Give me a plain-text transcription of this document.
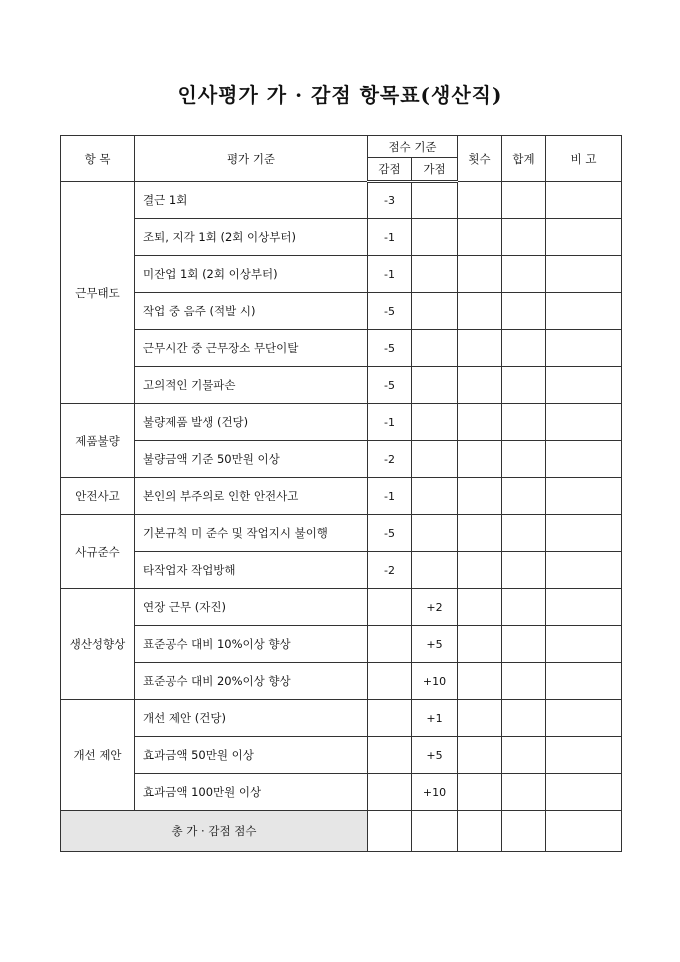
인사평가 가 · 감점 항목표(생산직)
항 목	평가 기준	점수 기준		횟수	합계	비 고
		감점	가점			
근무태도	결근 1회	-3				
	조퇴, 지각 1회 (2회 이상부터)	-1				
	미잔업 1회 (2회 이상부터)	-1				
	작업 중 음주 (적발 시)	-5				
	근무시간 중 근무장소 무단이탈	-5				
	고의적인 기물파손	-5				
제품불량	불량제품 발생 (건당)	-1				
	불량금액 기준 50만원 이상	-2				
안전사고	본인의 부주의로 인한 안전사고	-1				
사규준수	기본규칙 미 준수 및 작업지시 불이행	-5				
	타작업자 작업방해	-2				
생산성향상	연장 근무 (자진)		+2			
	표준공수 대비 10%이상 향상		+5			
	표준공수 대비 20%이상 향상		+10			
개선 제안	개선 제안 (건당)		+1			
	효과금액 50만원 이상		+5			
	효과금액 100만원 이상		+10			
총 가 · 감점 점수						
